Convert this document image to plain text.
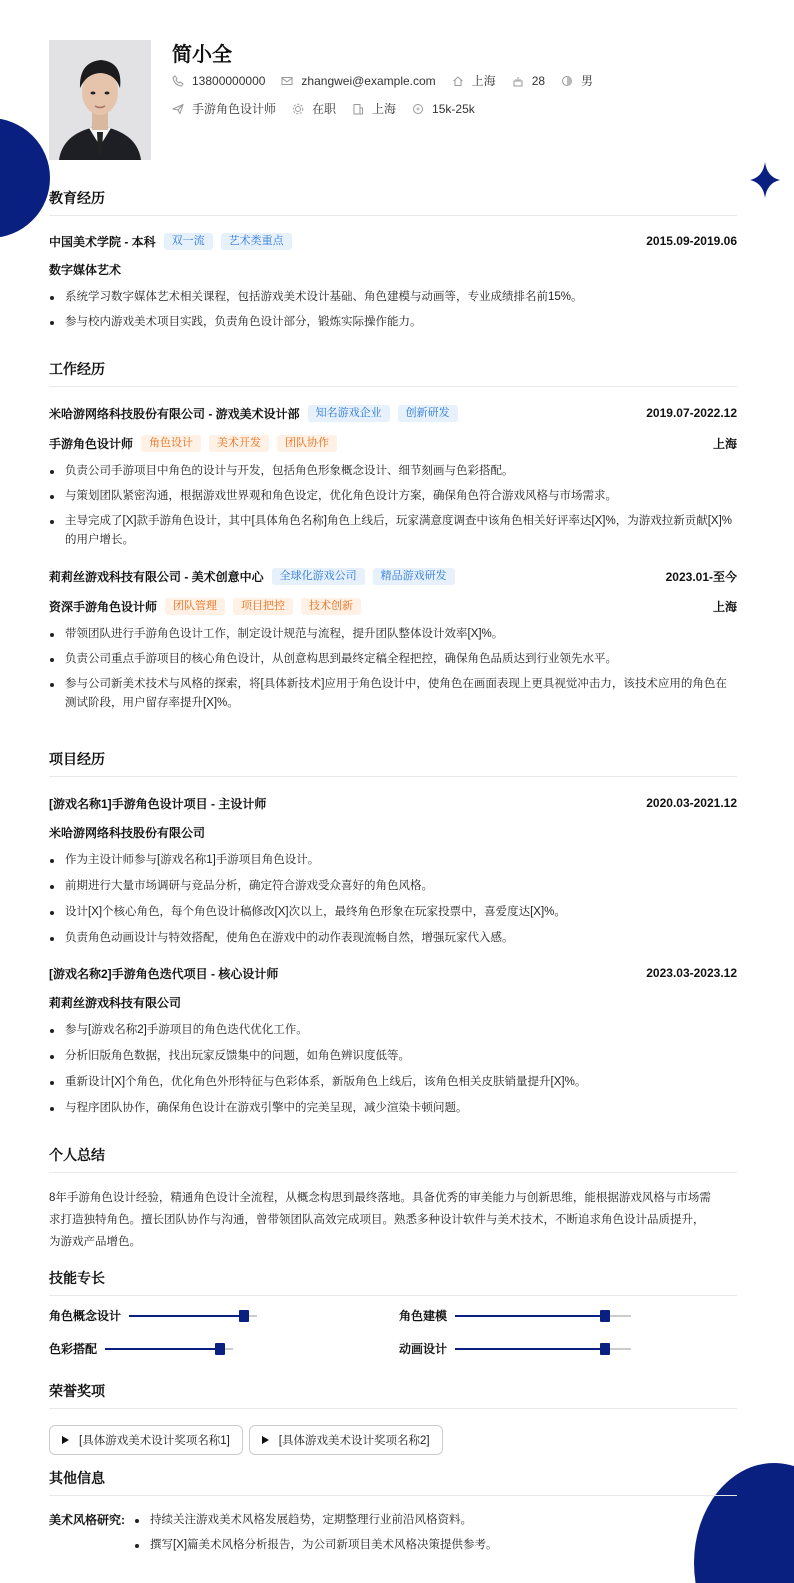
简小全
13800000000	zhangwei@example.com	上海	28	男
手游角色设计师	在职	上海	15k-25k
教育经历
中国美术学院 - 本科	双一流	艺术类重点	2015.09-2019.06
数字媒体艺术
系统学习数字媒体艺术相关课程，包括游戏美术设计基础、角色建模与动画等，专业成绩排名前15%。
参与校内游戏美术项目实践，负责角色设计部分，锻炼实际操作能力。
工作经历
米哈游网络科技股份有限公司 - 游戏美术设计部	知名游戏企业	创新研发	2019.07-2022.12
手游角色设计师	角色设计	美术开发	团队协作	上海
负责公司手游项目中角色的设计与开发，包括角色形象概念设计、细节刻画与色彩搭配。
与策划团队紧密沟通，根据游戏世界观和角色设定，优化角色设计方案，确保角色符合游戏风格与市场需求。
主导完成了[X]款手游角色设计，其中[具体角色名称]角色上线后，玩家满意度调查中该角色相关好评率达[X]%，为游戏拉新贡献[X]%的用户增长。
莉莉丝游戏科技有限公司 - 美术创意中心	全球化游戏公司	精品游戏研发	2023.01-至今
资深手游角色设计师	团队管理	项目把控	技术创新	上海
带领团队进行手游角色设计工作，制定设计规范与流程，提升团队整体设计效率[X]%。
负责公司重点手游项目的核心角色设计，从创意构思到最终定稿全程把控，确保角色品质达到行业领先水平。
参与公司新美术技术与风格的探索，将[具体新技术]应用于角色设计中，使角色在画面表现上更具视觉冲击力，该技术应用的角色在测试阶段，用户留存率提升[X]%。
项目经历
[游戏名称1]手游角色设计项目 - 主设计师	2020.03-2021.12
米哈游网络科技股份有限公司
作为主设计师参与[游戏名称1]手游项目角色设计。
前期进行大量市场调研与竞品分析，确定符合游戏受众喜好的角色风格。
设计[X]个核心角色，每个角色设计稿修改[X]次以上，最终角色形象在玩家投票中，喜爱度达[X]%。
负责角色动画设计与特效搭配，使角色在游戏中的动作表现流畅自然，增强玩家代入感。
[游戏名称2]手游角色迭代项目 - 核心设计师	2023.03-2023.12
莉莉丝游戏科技有限公司
参与[游戏名称2]手游项目的角色迭代优化工作。
分析旧版角色数据，找出玩家反馈集中的问题，如角色辨识度低等。
重新设计[X]个角色，优化角色外形特征与色彩体系，新版角色上线后，该角色相关皮肤销量提升[X]%。
与程序团队协作，确保角色设计在游戏引擎中的完美呈现，减少渲染卡顿问题。
个人总结
8年手游角色设计经验，精通角色设计全流程，从概念构思到最终落地。具备优秀的审美能力与创新思维，能根据游戏风格与市场需
求打造独特角色。擅长团队协作与沟通，曾带领团队高效完成项目。熟悉多种设计软件与美术技术，不断追求角色设计品质提升，
为游戏产品增色。
技能专长
角色概念设计	角色建模
色彩搭配	动画设计
荣誉奖项
[具体游戏美术设计奖项名称1]	[具体游戏美术设计奖项名称2]
其他信息
美术风格研究:	持续关注游戏美术风格发展趋势，定期整理行业前沿风格资料。
撰写[X]篇美术风格分析报告，为公司新项目美术风格决策提供参考。
